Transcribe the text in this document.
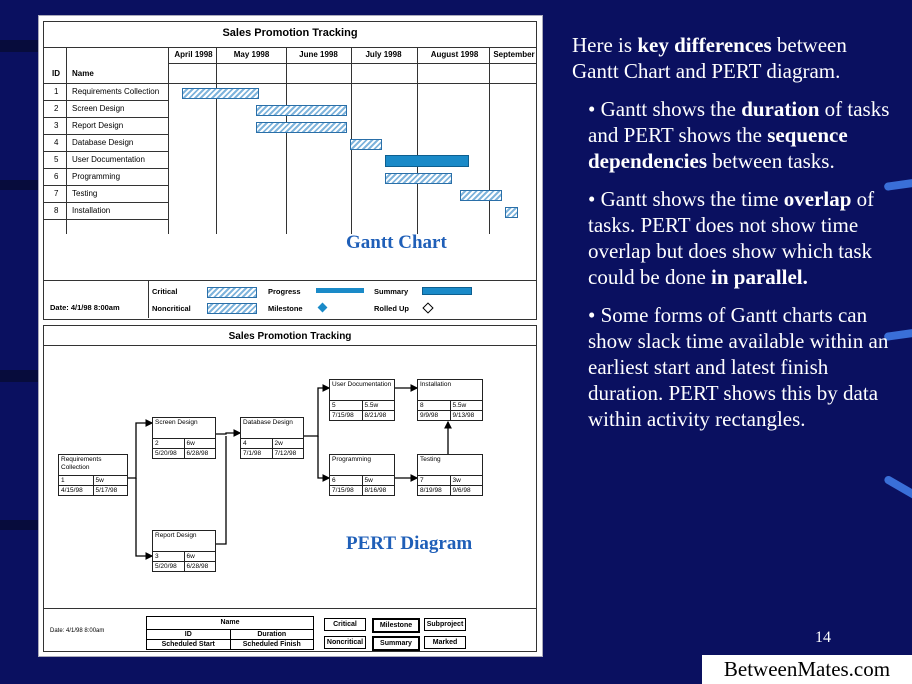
Sales Promotion Tracking
April 1998	May 1998	June 1998	July 1998	August 1998	September
ID Name
1 Requirements Collection
2 Screen Design
3 Report Design
4 Database Design
5 User Documentation
6 Programming
7 Testing
8 Installation
Gantt Chart
Date: 4/1/98 8:00am
Critical
Noncritical
Progress
Milestone
Summary
Rolled Up
Sales Promotion Tracking
Requirements Collection
1	5w
4/15/98	5/17/98
Screen Design
2	6w
5/20/98	6/28/98
Report Design
3	6w
5/20/98	6/28/98
Database Design
4	2w
7/1/98	7/12/98
User Documentation
5	5.5w
7/15/98	8/21/98
Programming
6	5w
7/15/98	8/16/98
Testing
7	3w
8/19/98	9/6/98
Installation
8	5.5w
9/9/98	9/13/98
PERT Diagram
Date: 4/1/98 8:00am
Name
ID	Duration
Scheduled Start	Scheduled Finish
Critical	Milestone	Subproject
Noncritical	Summary	Marked

Here is key differences between Gantt Chart and PERT diagram.

• Gantt shows the duration of tasks and PERT shows the sequence dependencies between tasks.

• Gantt shows the time overlap of tasks. PERT does not show time overlap but does show which task could be done in parallel.

• Some forms of Gantt charts can show slack time available within an earliest start and latest finish duration. PERT shows this by data within activity rectangles.

14
BetweenMates.com
